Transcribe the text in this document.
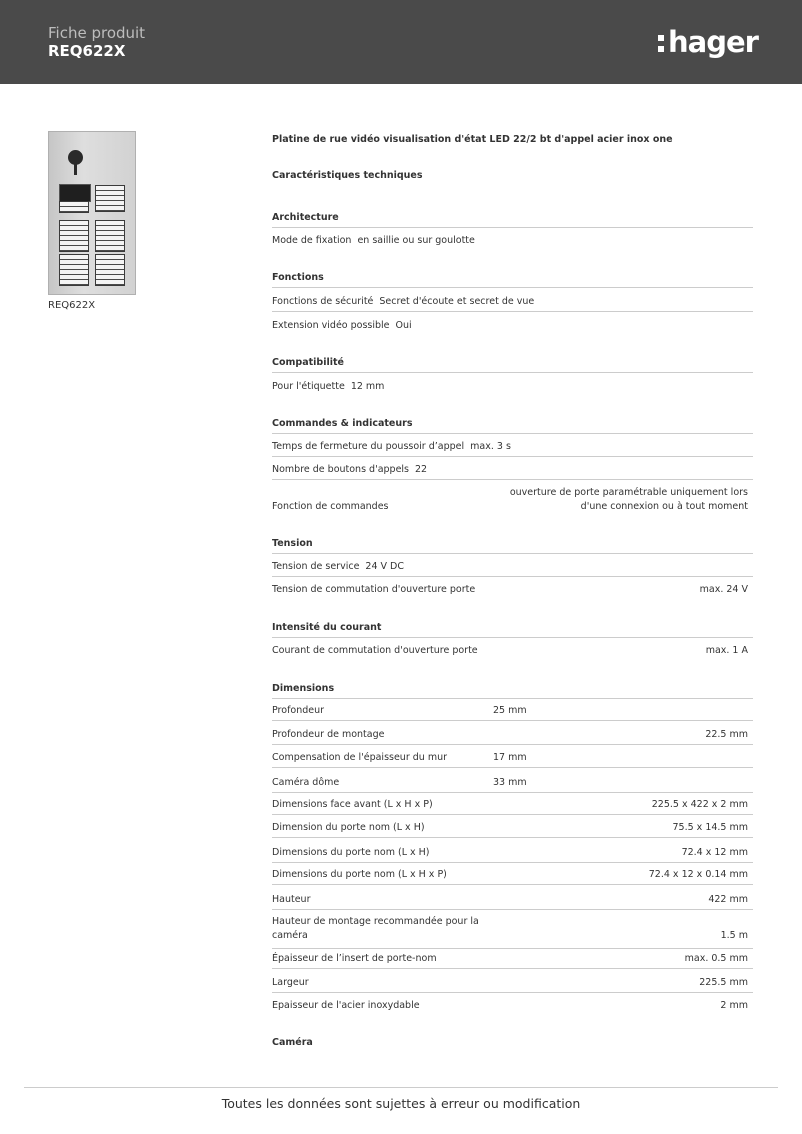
Fiche produit
REQ622X	hager
REQ622X
Platine de rue vidéo visualisation d'état LED 22/2 bt d'appel acier inox one
Caractéristiques techniques
Architecture
Mode de fixation en saillie ou sur goulotte
Fonctions
Fonctions de sécurité Secret d'écoute et secret de vue
Extension vidéo possible Oui
Compatibilité
Pour l'étiquette 12 mm
Commandes & indicateurs
Temps de fermeture du poussoir d’appel max. 3 s
Nombre de boutons d'appels 22
Fonction de commandes
ouverture de porte paramétrable uniquement lors
d'une connexion ou à tout moment
Tension
Tension de service 24 V DC
Tension de commutation d'ouverture porte	max. 24 V
Intensité du courant
Courant de commutation d'ouverture porte	max. 1 A
Dimensions
Profondeur	25 mm
Profondeur de montage	22.5 mm
Compensation de l'épaisseur du mur	17 mm
Caméra dôme	33 mm
Dimensions face avant (L x H x P)	225.5 x 422 x 2 mm
Dimension du porte nom (L x H)	75.5 x 14.5 mm
Dimensions du porte nom (L x H)	72.4 x 12 mm
Dimensions du porte nom (L x H x P)	72.4 x 12 x 0.14 mm
Hauteur	422 mm
Hauteur de montage recommandée pour la
caméra	1.5 m
Épaisseur de l’insert de porte-nom	max. 0.5 mm
Largeur	225.5 mm
Epaisseur de l'acier inoxydable	2 mm
Caméra
Toutes les données sont sujettes à erreur ou modification
